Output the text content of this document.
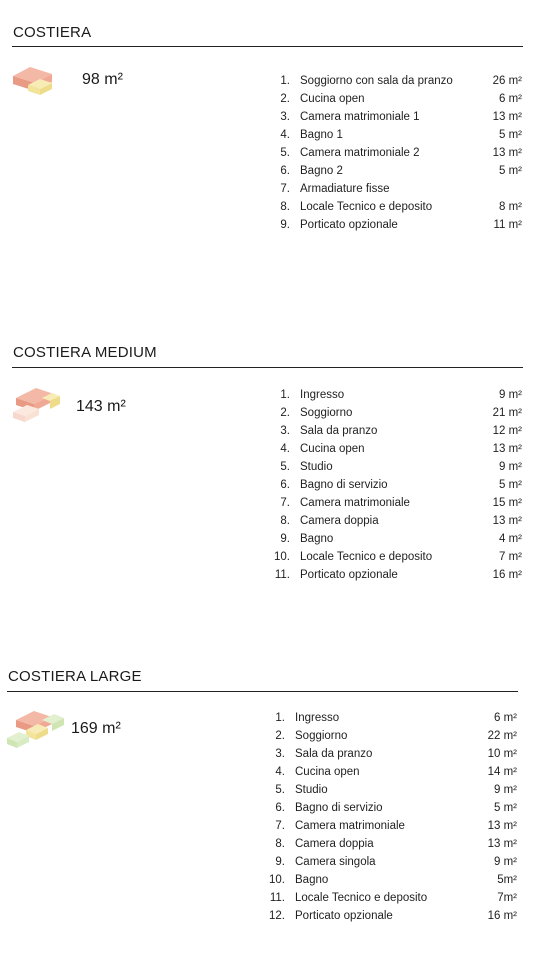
COSTIERA
98 m²	1. Soggiorno con sala da pranzo	26 m²
2. Cucina open	6 m²
3. Camera matrimoniale 1	13 m²
4. Bagno 1	5 m²
5. Camera matrimoniale 2	13 m²
6. Bagno 2	5 m²
7. Armadiature fisse
8. Locale Tecnico e deposito	8 m²
9. Porticato opzionale	11 m²
COSTIERA MEDIUM
143 m²
1. Ingresso	9 m²
2. Soggiorno	21 m²
3. Sala da pranzo	12 m²
4. Cucina open	13 m²
5. Studio	9 m²
6. Bagno di servizio	5 m²
7. Camera matrimoniale	15 m²
8. Camera doppia	13 m²
9. Bagno	4 m²
10. Locale Tecnico e deposito	7 m²
11. Porticato opzionale	16 m²
COSTIERA LARGE
169 m²
1. Ingresso	6 m²
2. Soggiorno	22 m²
3. Sala da pranzo	10 m²
4. Cucina open	14 m²
5. Studio	9 m²
6. Bagno di servizio	5 m²
7. Camera matrimoniale	13 m²
8. Camera doppia	13 m²
9. Camera singola	9 m²
10. Bagno	5m²
11. Locale Tecnico e deposito	7m²
12. Porticato opzionale	16 m²
